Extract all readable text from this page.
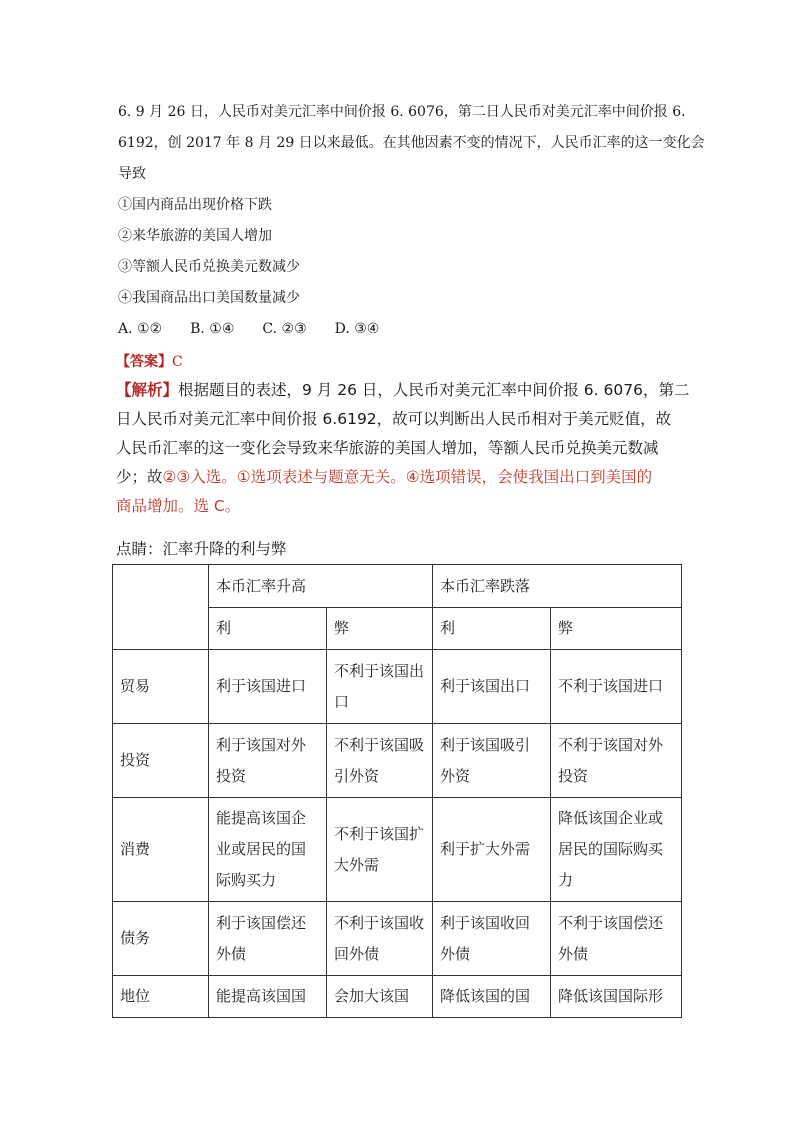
6. 9 月 26 日，人民币对美元汇率中间价报 6. 6076，第二日人民币对美元汇率中间价报 6.

6192，创 2017 年 8 月 29 日以来最低。在其他因素不变的情况下，人民币汇率的这一变化会

导致

①国内商品出现价格下跌

②来华旅游的美国人增加

③等额人民币兑换美元数减少

④我国商品出口美国数量减少

A. ①②　　B. ①④　　C. ②③　　D. ③④

【答案】C

【解析】根据题目的表述，9 月 26 日，人民币对美元汇率中间价报 6. 6076，第二

日人民币对美元汇率中间价报 6.6192，故可以判断出人民币相对于美元贬值，故

人民币汇率的这一变化会导致来华旅游的美国人增加，等额人民币兑换美元数减

少；故②③入选。①选项表述与题意无关。④选项错误，会使我国出口到美国的

商品增加。选 C。

点睛：汇率升降的利与弊
	本币汇率升高		本币汇率跌落	
	利	弊	利	弊
贸易	利于该国进口	不利于该国出口	利于该国出口	不利于该国进口
投资	利于该国对外投资	不利于该国吸引外资	利于该国吸引外资	不利于该国对外投资
消费	能提高该国企业或居民的国际购买力	不利于该国扩大外需	利于扩大外需	降低该国企业或居民的国际购买力
债务	利于该国偿还外债	不利于该国收回外债	利于该国收回外债	不利于该国偿还外债
地位	能提高该国国	会加大该国	降低该国的国	降低该国国际形
